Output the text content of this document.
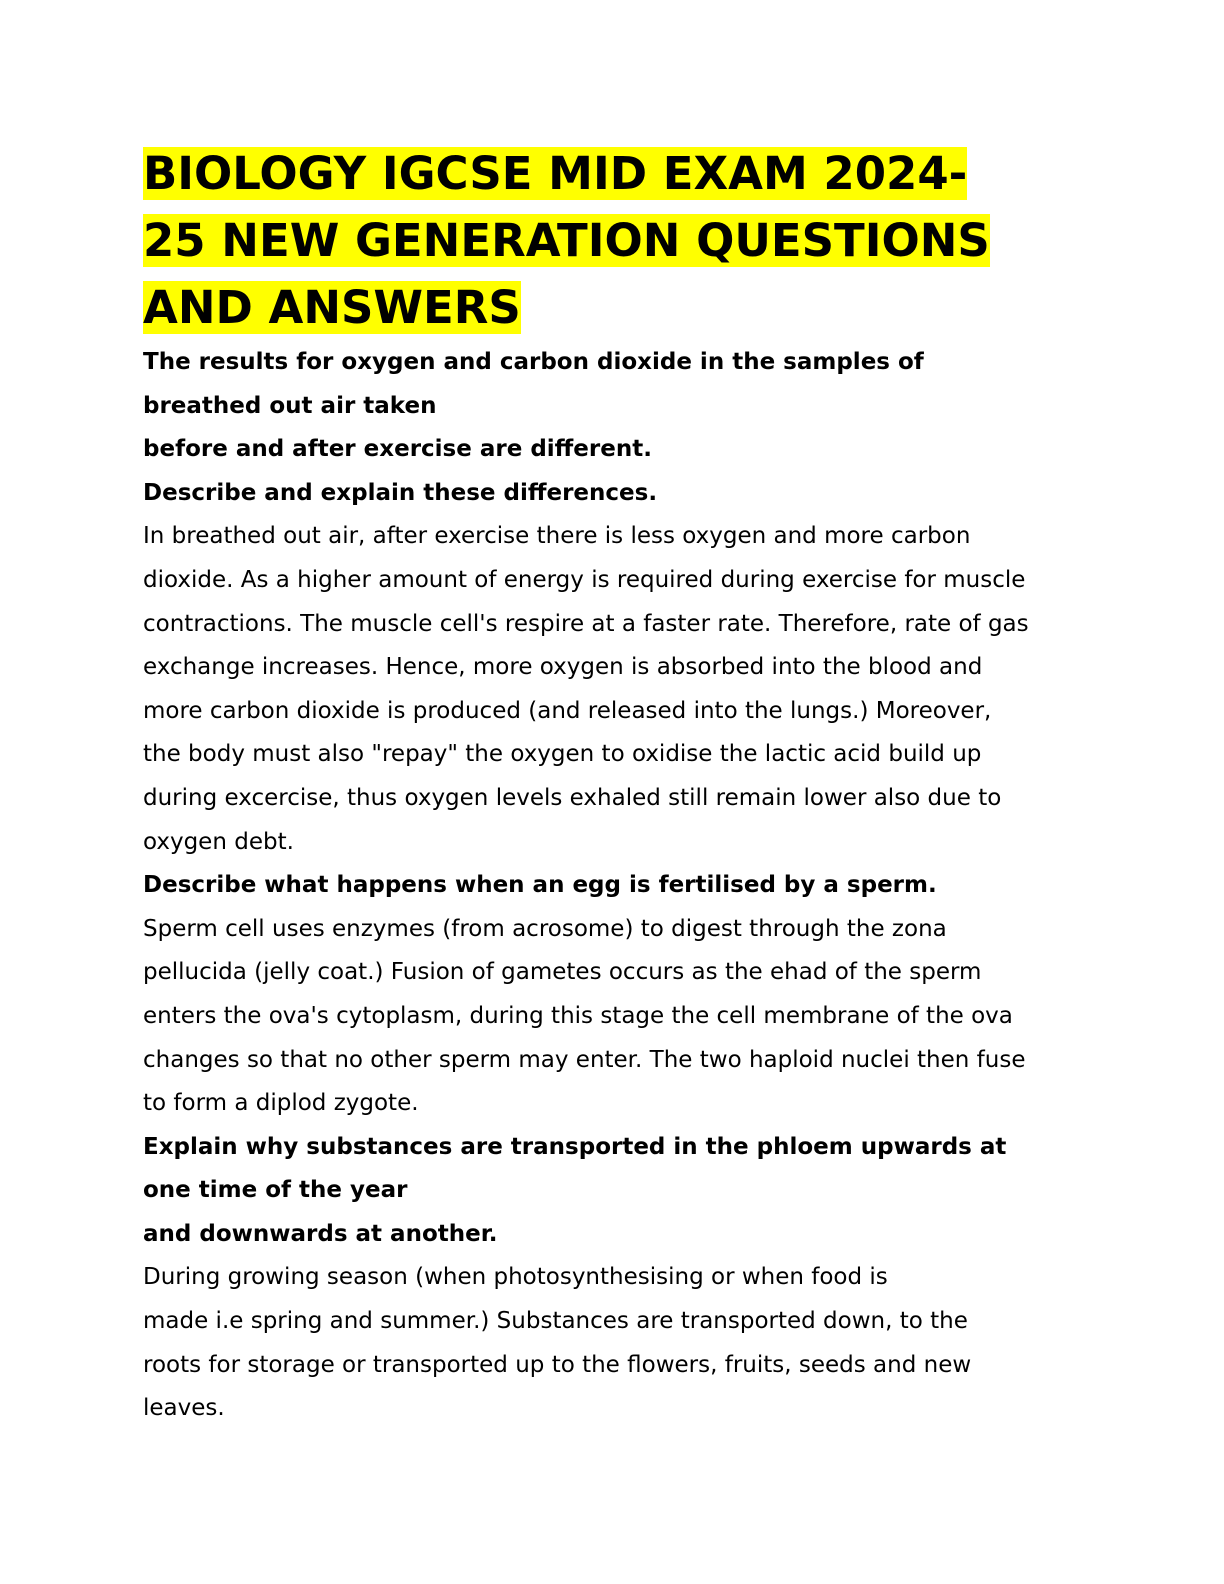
BIOLOGY IGCSE MID EXAM 2024-
25 NEW GENERATION QUESTIONS
AND ANSWERS
The results for oxygen and carbon dioxide in the samples of
breathed out air taken
before and after exercise are different.
Describe and explain these differences.
In breathed out air, after exercise there is less oxygen and more carbon
dioxide. As a higher amount of energy is required during exercise for muscle
contractions. The muscle cell's respire at a faster rate. Therefore, rate of gas
exchange increases. Hence, more oxygen is absorbed into the blood and
more carbon dioxide is produced (and released into the lungs.) Moreover,
the body must also "repay" the oxygen to oxidise the lactic acid build up
during excercise, thus oxygen levels exhaled still remain lower also due to
oxygen debt.
Describe what happens when an egg is fertilised by a sperm.
Sperm cell uses enzymes (from acrosome) to digest through the zona
pellucida (jelly coat.) Fusion of gametes occurs as the ehad of the sperm
enters the ova's cytoplasm, during this stage the cell membrane of the ova
changes so that no other sperm may enter. The two haploid nuclei then fuse
to form a diplod zygote.
Explain why substances are transported in the phloem upwards at
one time of the year
and downwards at another.
During growing season (when photosynthesising or when food is
made i.e spring and summer.) Substances are transported down, to the
roots for storage or transported up to the flowers, fruits, seeds and new
leaves.
